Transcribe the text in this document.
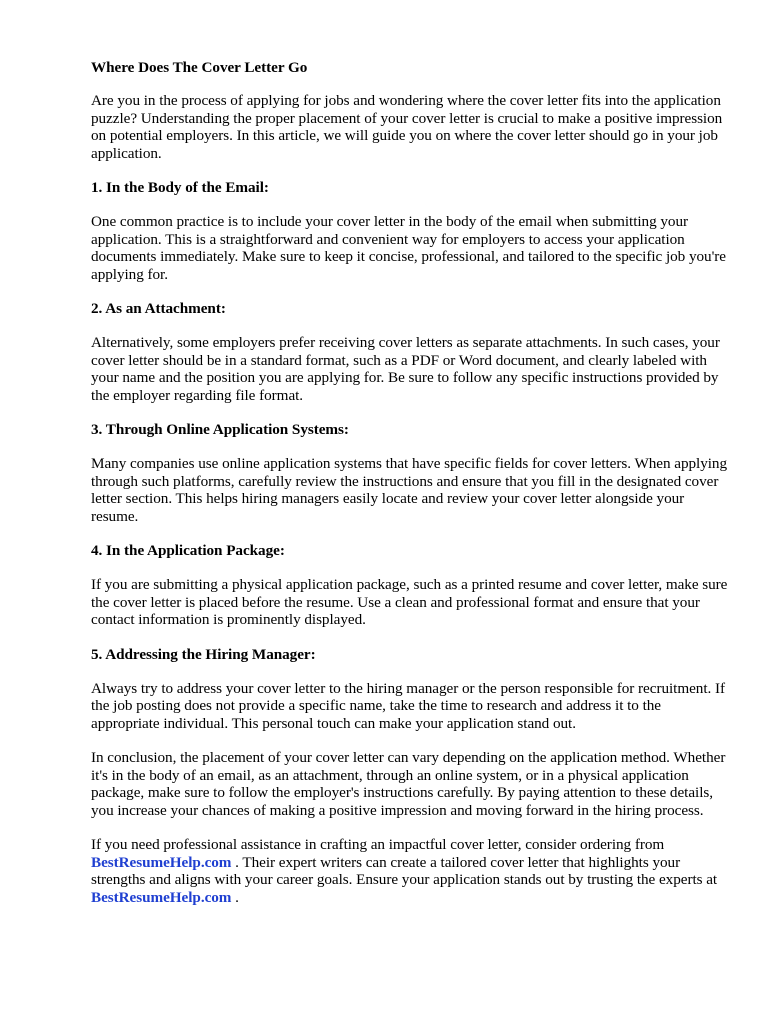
Where Does The Cover Letter Go

Are you in the process of applying for jobs and wondering where the cover letter fits into the application puzzle? Understanding the proper placement of your cover letter is crucial to make a positive impression on potential employers. In this article, we will guide you on where the cover letter should go in your job application.

1. In the Body of the Email:

One common practice is to include your cover letter in the body of the email when submitting your application. This is a straightforward and convenient way for employers to access your application documents immediately. Make sure to keep it concise, professional, and tailored to the specific job you're applying for.

2. As an Attachment:

Alternatively, some employers prefer receiving cover letters as separate attachments. In such cases, your cover letter should be in a standard format, such as a PDF or Word document, and clearly labeled with your name and the position you are applying for. Be sure to follow any specific instructions provided by the employer regarding file format.

3. Through Online Application Systems:

Many companies use online application systems that have specific fields for cover letters. When applying through such platforms, carefully review the instructions and ensure that you fill in the designated cover letter section. This helps hiring managers easily locate and review your cover letter alongside your resume.

4. In the Application Package:

If you are submitting a physical application package, such as a printed resume and cover letter, make sure the cover letter is placed before the resume. Use a clean and professional format and ensure that your contact information is prominently displayed.

5. Addressing the Hiring Manager:

Always try to address your cover letter to the hiring manager or the person responsible for recruitment. If the job posting does not provide a specific name, take the time to research and address it to the appropriate individual. This personal touch can make your application stand out.

In conclusion, the placement of your cover letter can vary depending on the application method. Whether it's in the body of an email, as an attachment, through an online system, or in a physical application package, make sure to follow the employer's instructions carefully. By paying attention to these details, you increase your chances of making a positive impression and moving forward in the hiring process.

If you need professional assistance in crafting an impactful cover letter, consider ordering from BestResumeHelp.com . Their expert writers can create a tailored cover letter that highlights your strengths and aligns with your career goals. Ensure your application stands out by trusting the experts at BestResumeHelp.com .
